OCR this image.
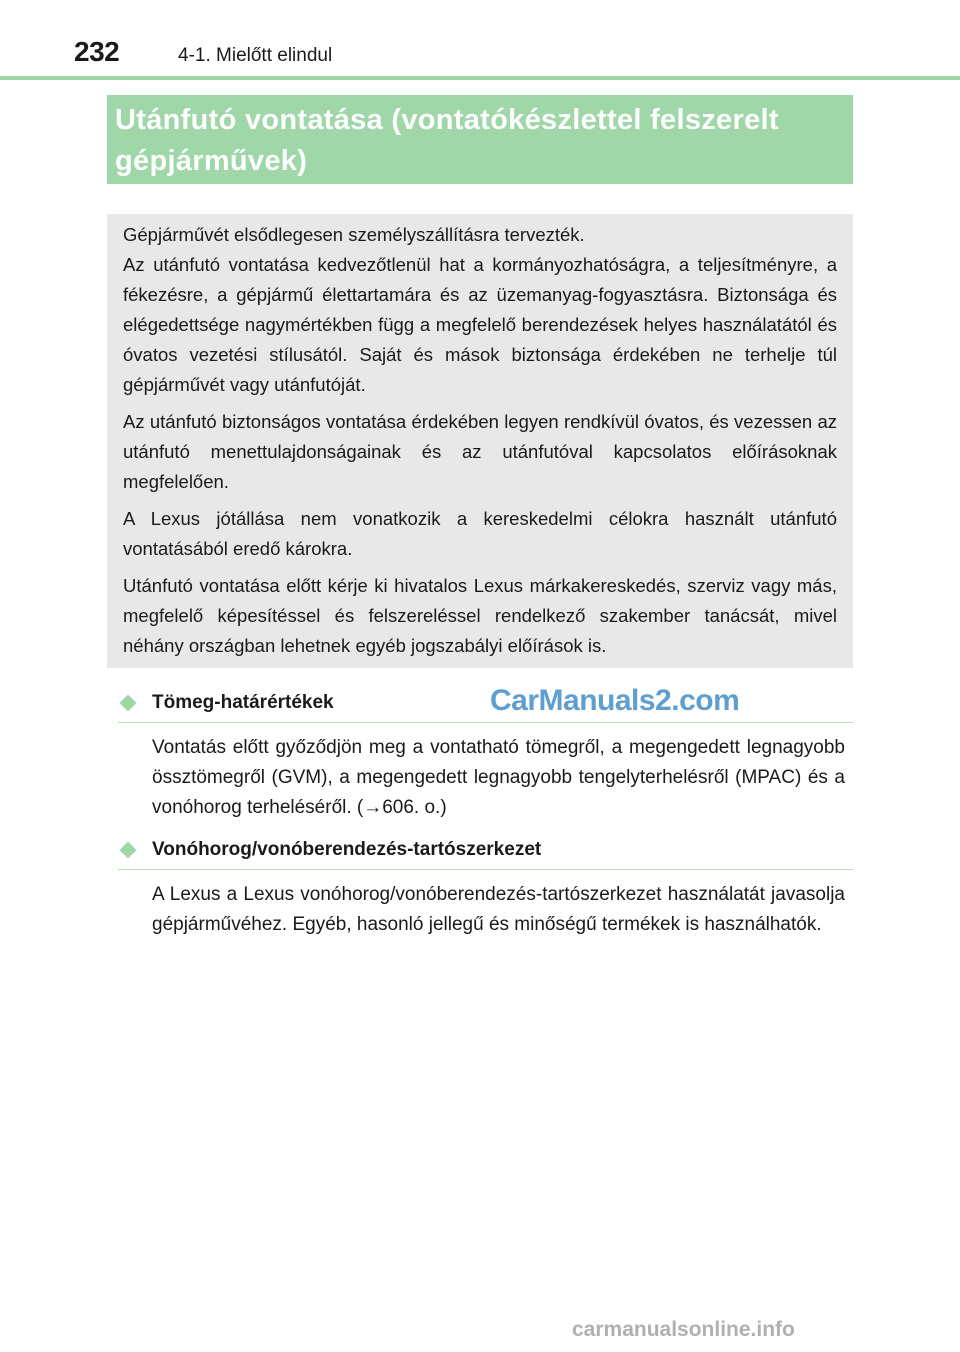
232	4-1. Mielőtt elindul
Utánfutó vontatása (vontatókészlettel felszerelt gépjárművek)

Gépjárművét elsődlegesen személyszállításra tervezték.

Az utánfutó vontatása kedvezőtlenül hat a kormányozhatóságra, a teljesítményre, a fékezésre, a gépjármű élettartamára és az üzemanyag-fogyasztásra. Biztonsága és elégedettsége nagymértékben függ a megfelelő berendezések helyes használatától és óvatos vezetési stílusától. Saját és mások biztonsága érdekében ne terhelje túl gépjárművét vagy utánfutóját.

Az utánfutó biztonságos vontatása érdekében legyen rendkívül óvatos, és vezessen az utánfutó menettulajdonságainak és az utánfutóval kapcsolatos előírásoknak megfelelően.

A Lexus jótállása nem vonatkozik a kereskedelmi célokra használt utánfutó vontatásából eredő károkra.

Utánfutó vontatása előtt kérje ki hivatalos Lexus márkakereskedés, szerviz vagy más, megfelelő képesítéssel és felszereléssel rendelkező szakember tanácsát, mivel néhány országban lehetnek egyéb jogszabályi előírások is.

Tömeg-határértékek

Vontatás előtt győződjön meg a vontatható tömegről, a megengedett legnagyobb össztömegről (GVM), a megengedett legnagyobb tengelyterhelésről (MPAC) és a vonóhorog terheléséről. (→606. o.)

CarManuals2.com
Vonóhorog/vonóberendezés-tartószerkezet

A Lexus a Lexus vonóhorog/vonóberendezés-tartószerkezet használatát javasolja gépjárművéhez. Egyéb, hasonló jellegű és minőségű termékek is használhatók.

carmanualsonline.info
